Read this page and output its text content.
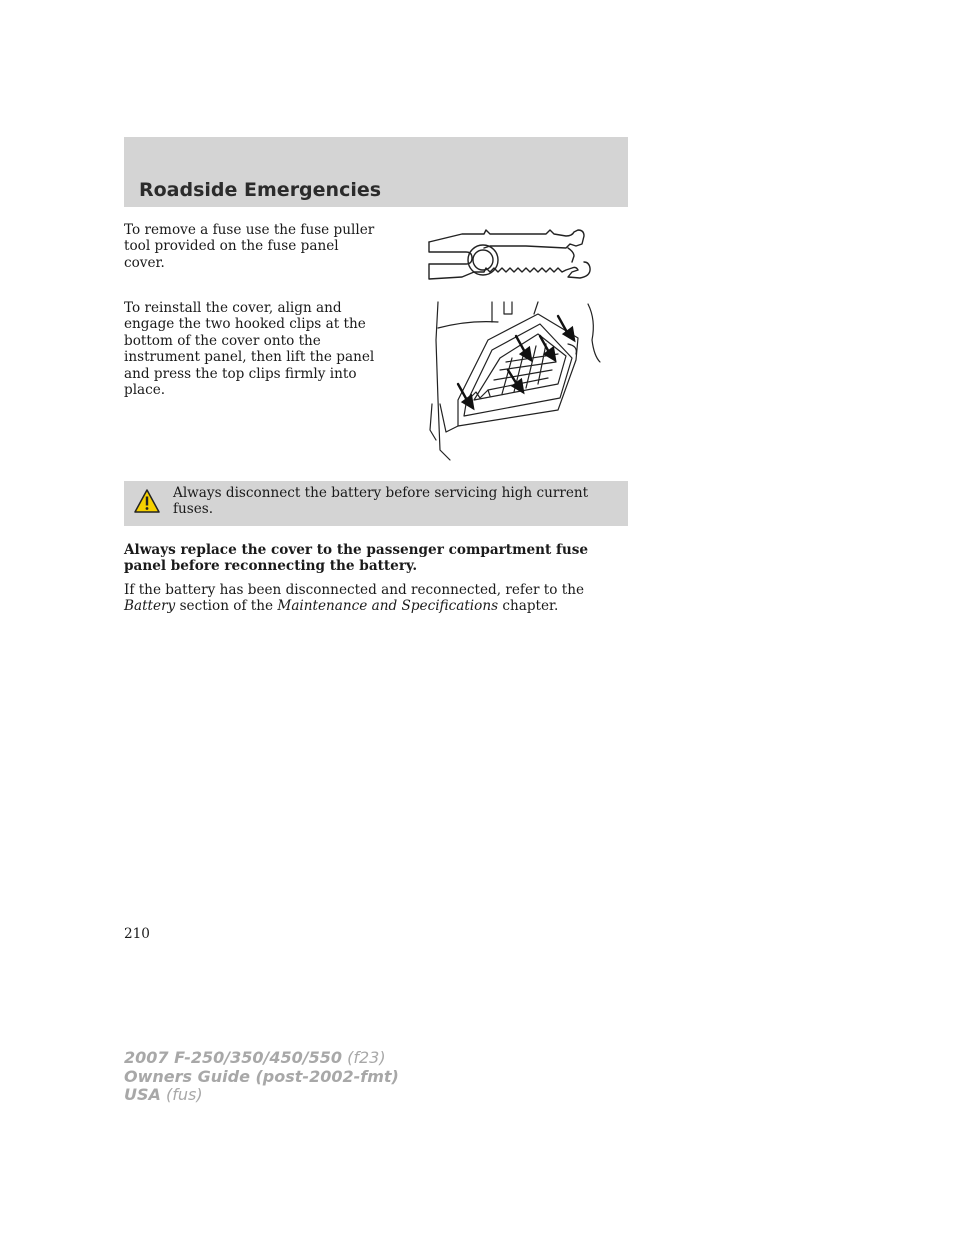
Roadside Emergencies

To remove a fuse use the fuse puller tool provided on the fuse panel cover.

To reinstall the cover, align and engage the two hooked clips at the bottom of the cover onto the instrument panel, then lift the panel and press the top clips firmly into place.

Always disconnect the battery before servicing high current fuses.

Always replace the cover to the passenger compartment fuse panel before reconnecting the battery.

If the battery has been disconnected and reconnected, refer to the Battery section of the Maintenance and Specifications chapter.

210

2007 F-250/350/450/550 (f23)
Owners Guide (post-2002-fmt)
USA (fus)
